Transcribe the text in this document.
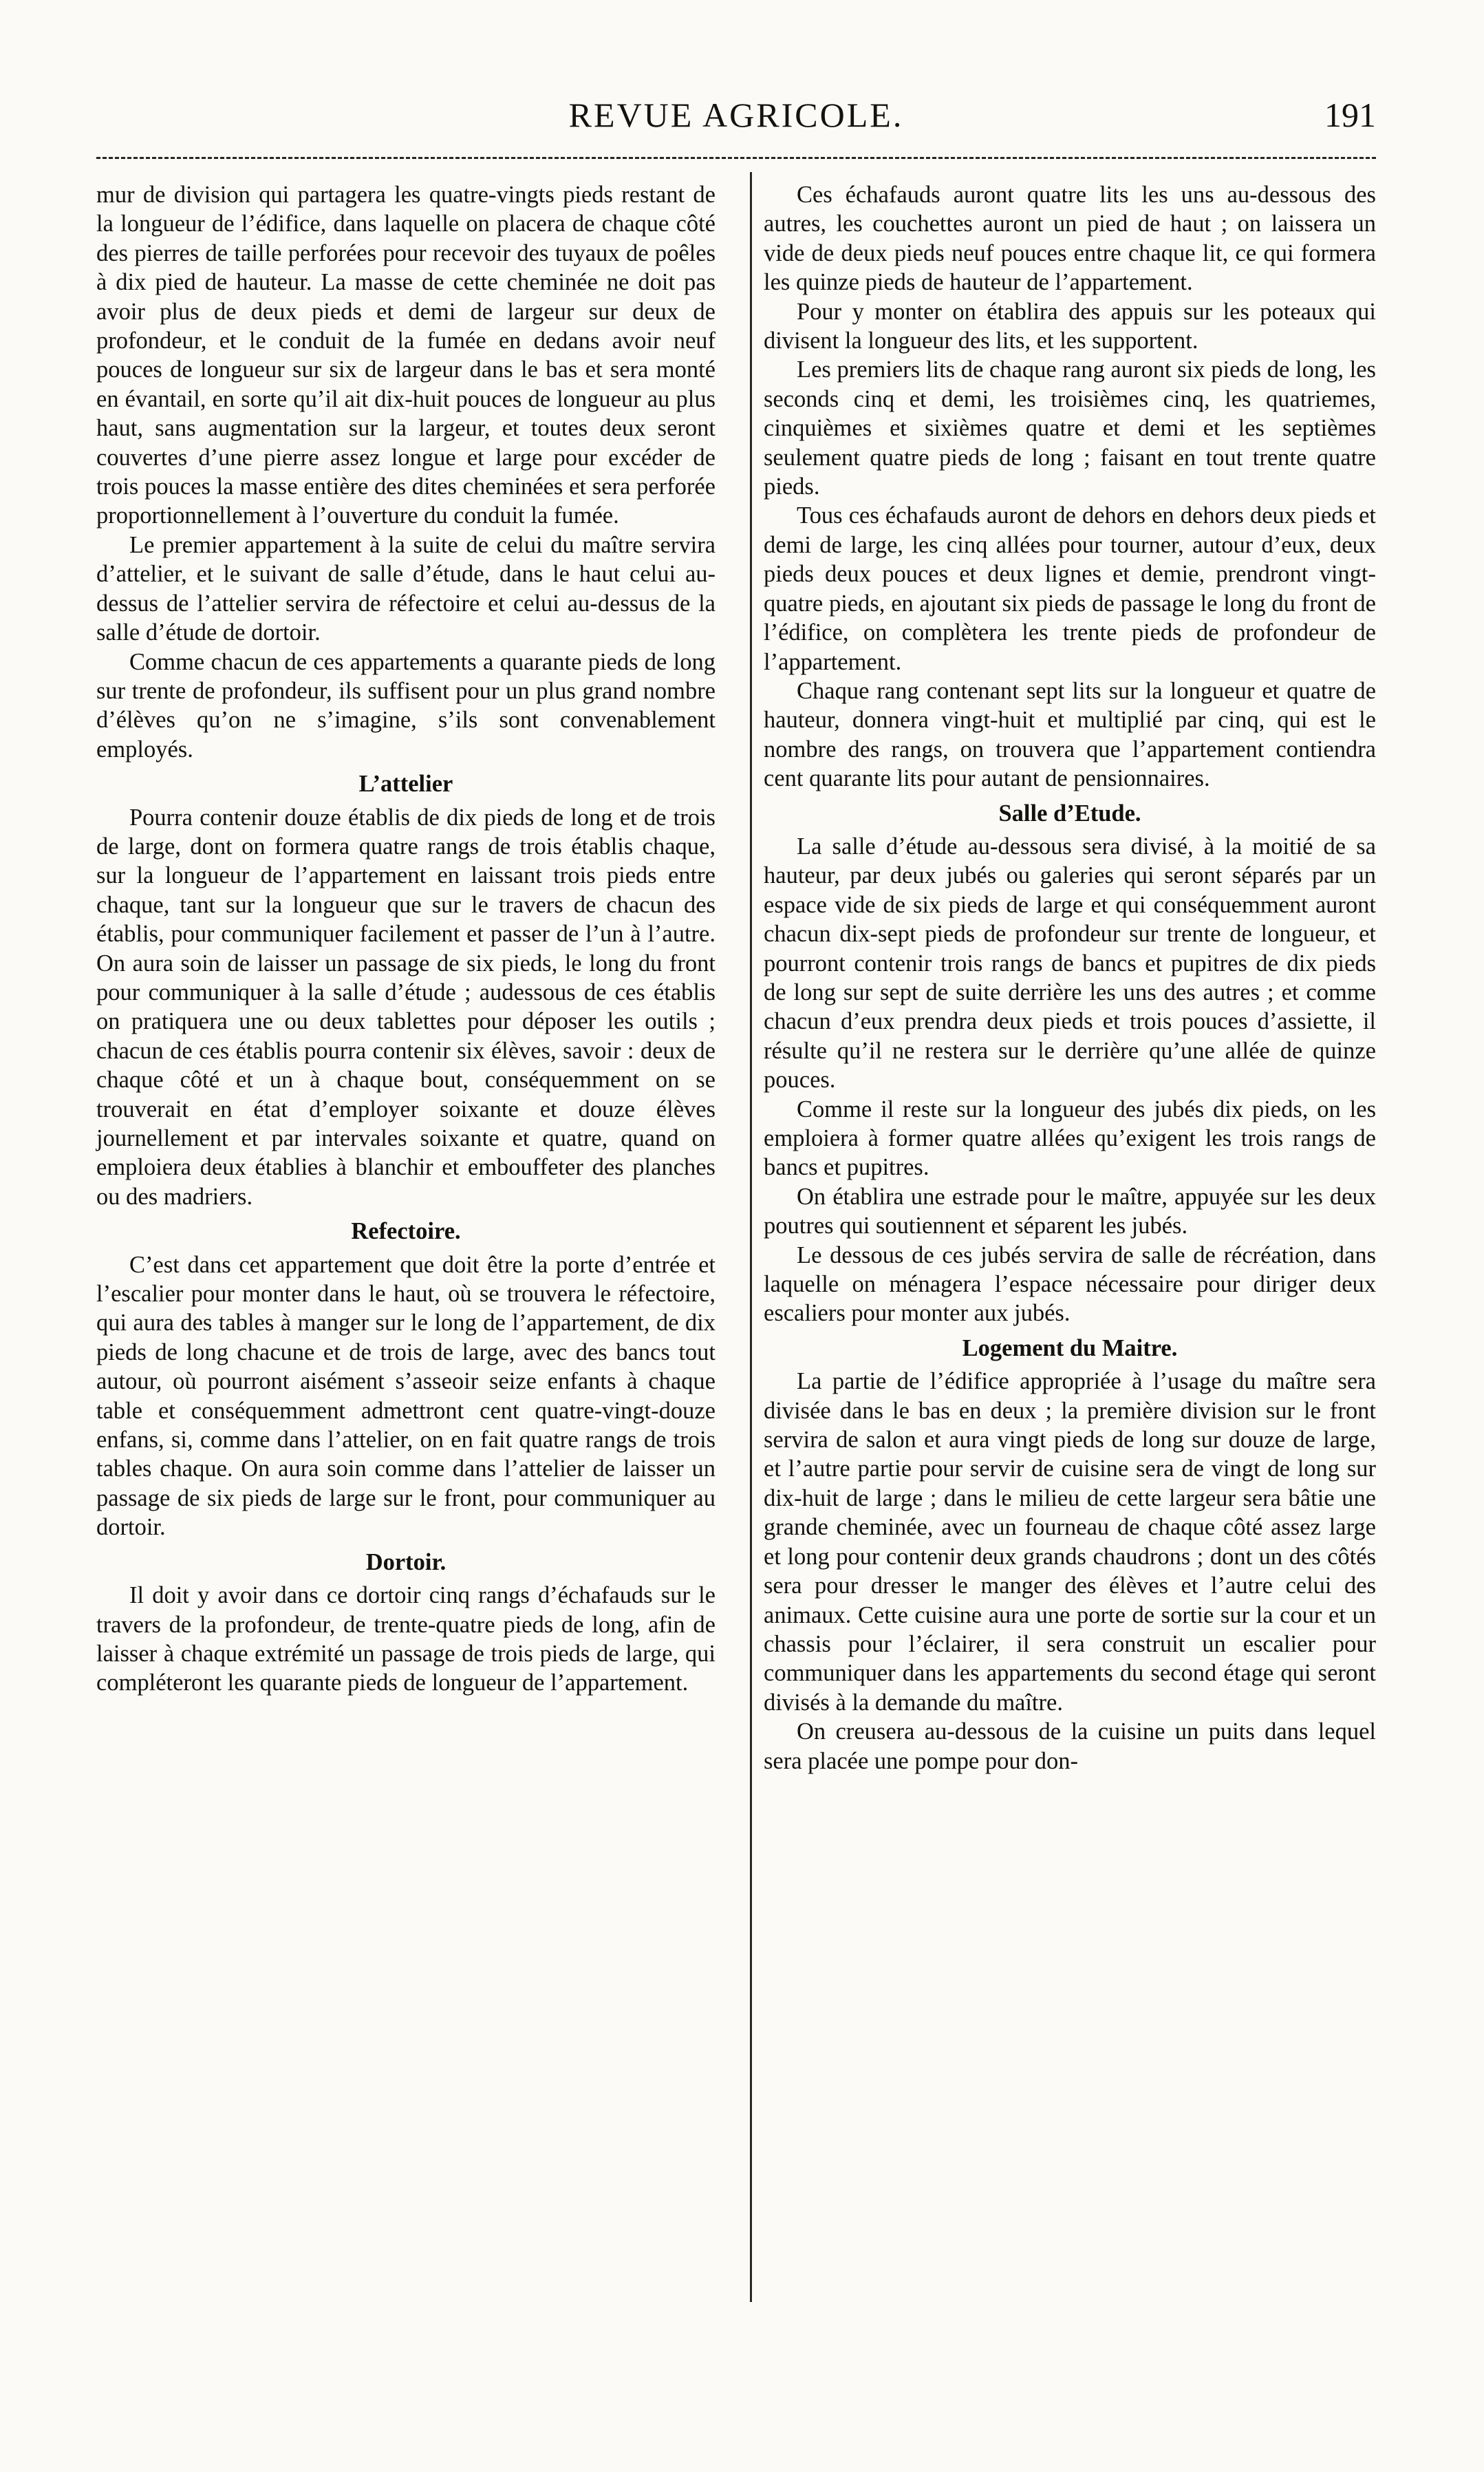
REVUE AGRICOLE.	191

mur de division qui partagera les quatre-vingts pieds restant de la longueur de l’édifice, dans laquelle on placera de chaque côté des pierres de taille perforées pour recevoir des tuyaux de poêles à dix pied de hauteur. La masse de cette cheminée ne doit pas avoir plus de deux pieds et demi de largeur sur deux de profondeur, et le conduit de la fumée en dedans avoir neuf pouces de longueur sur six de largeur dans le bas et sera monté en évantail, en sorte qu’il ait dix-huit pouces de longueur au plus haut, sans augmentation sur la largeur, et toutes deux seront couvertes d’une pierre assez longue et large pour excéder de trois pouces la masse entière des dites cheminées et sera perforée proportionnellement à l’ouverture du conduit la fumée.

Le premier appartement à la suite de celui du maître servira d’attelier, et le suivant de salle d’étude, dans le haut celui au-dessus de l’attelier servira de réfectoire et celui au-dessus de la salle d’étude de dortoir.

Comme chacun de ces appartements a quarante pieds de long sur trente de profondeur, ils suffisent pour un plus grand nombre d’élèves qu’on ne s’imagine, s’ils sont convenablement employés.

L’attelier

Pourra contenir douze établis de dix pieds de long et de trois de large, dont on formera quatre rangs de trois établis chaque, sur la longueur de l’appartement en laissant trois pieds entre chaque, tant sur la longueur que sur le travers de chacun des établis, pour communiquer facilement et passer de l’un à l’autre. On aura soin de laisser un passage de six pieds, le long du front pour communiquer à la salle d’étude ; audessous de ces établis on pratiquera une ou deux tablettes pour déposer les outils ; chacun de ces établis pourra contenir six élèves, savoir : deux de chaque côté et un à chaque bout, conséquemment on se trouverait en état d’employer soixante et douze élèves journellement et par intervales soixante et quatre, quand on emploiera deux établies à blanchir et embouffeter des planches ou des madriers.

Refectoire.

C’est dans cet appartement que doit être la porte d’entrée et l’escalier pour monter dans le haut, où se trouvera le réfectoire, qui aura des tables à manger sur le long de l’appartement, de dix pieds de long chacune et de trois de large, avec des bancs tout autour, où pourront aisément s’asseoir seize enfants à chaque table et conséquemment admettront cent quatre-vingt-douze enfans, si, comme dans l’attelier, on en fait quatre rangs de trois tables chaque. On aura soin comme dans l’attelier de laisser un passage de six pieds de large sur le front, pour communiquer au dortoir.

Dortoir.

Il doit y avoir dans ce dortoir cinq rangs d’échafauds sur le travers de la profondeur, de trente-quatre pieds de long, afin de laisser à chaque extrémité un passage de trois pieds de large, qui compléteront les quarante pieds de longueur de l’appartement.

Ces échafauds auront quatre lits les uns au-dessous des autres, les couchettes auront un pied de haut ; on laissera un vide de deux pieds neuf pouces entre chaque lit, ce qui formera les quinze pieds de hauteur de l’appartement.

Pour y monter on établira des appuis sur les poteaux qui divisent la longueur des lits, et les supportent.

Les premiers lits de chaque rang auront six pieds de long, les seconds cinq et demi, les troisièmes cinq, les quatriemes, cinquièmes et sixièmes quatre et demi et les septièmes seulement quatre pieds de long ; faisant en tout trente quatre pieds.

Tous ces échafauds auront de dehors en dehors deux pieds et demi de large, les cinq allées pour tourner, autour d’eux, deux pieds deux pouces et deux lignes et demie, prendront vingt-quatre pieds, en ajoutant six pieds de passage le long du front de l’édifice, on complètera les trente pieds de profondeur de l’appartement.

Chaque rang contenant sept lits sur la longueur et quatre de hauteur, donnera vingt-huit et multiplié par cinq, qui est le nombre des rangs, on trouvera que l’appartement contiendra cent quarante lits pour autant de pensionnaires.

Salle d’Etude.

La salle d’étude au-dessous sera divisé, à la moitié de sa hauteur, par deux jubés ou galeries qui seront séparés par un espace vide de six pieds de large et qui conséquemment auront chacun dix-sept pieds de profondeur sur trente de longueur, et pourront contenir trois rangs de bancs et pupitres de dix pieds de long sur sept de suite derrière les uns des autres ; et comme chacun d’eux prendra deux pieds et trois pouces d’assiette, il résulte qu’il ne restera sur le derrière qu’une allée de quinze pouces.

Comme il reste sur la longueur des jubés dix pieds, on les emploiera à former quatre allées qu’exigent les trois rangs de bancs et pupitres.

On établira une estrade pour le maître, appuyée sur les deux poutres qui soutiennent et séparent les jubés.

Le dessous de ces jubés servira de salle de récréation, dans laquelle on ménagera l’espace nécessaire pour diriger deux escaliers pour monter aux jubés.

Logement du Maitre.

La partie de l’édifice appropriée à l’usage du maître sera divisée dans le bas en deux ; la première division sur le front servira de salon et aura vingt pieds de long sur douze de large, et l’autre partie pour servir de cuisine sera de vingt de long sur dix-huit de large ; dans le milieu de cette largeur sera bâtie une grande cheminée, avec un fourneau de chaque côté assez large et long pour contenir deux grands chaudrons ; dont un des côtés sera pour dresser le manger des élèves et l’autre celui des animaux. Cette cuisine aura une porte de sortie sur la cour et un chassis pour l’éclairer, il sera construit un escalier pour communiquer dans les appartements du second étage qui seront divisés à la demande du maître.

On creusera au-dessous de la cuisine un puits dans lequel sera placée une pompe pour don-
